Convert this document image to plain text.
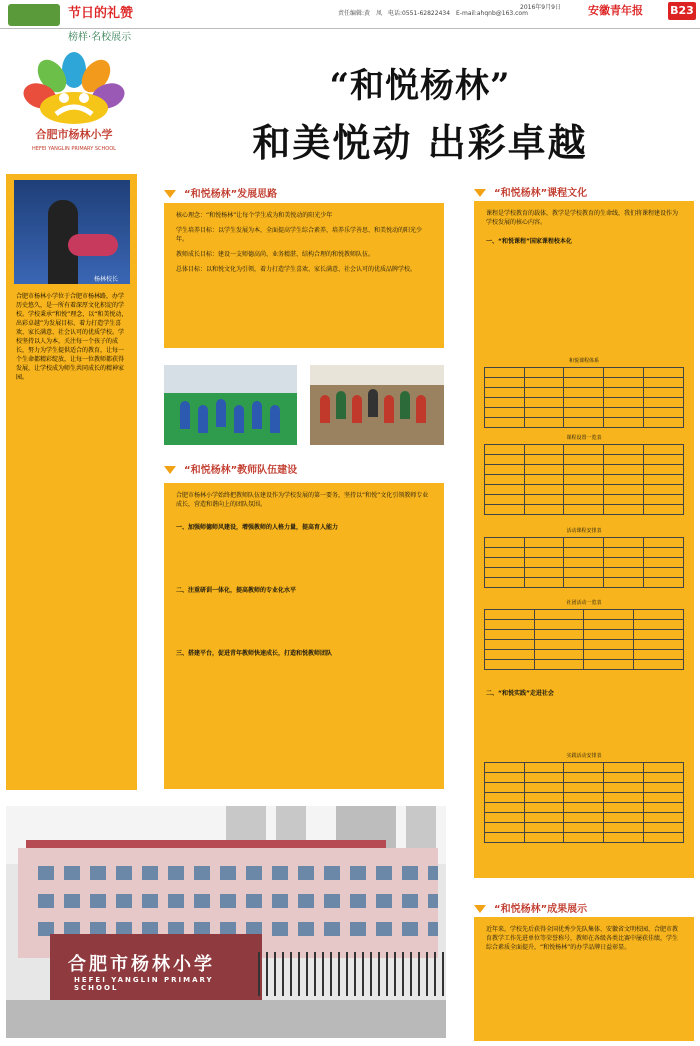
节日的礼赞	责任编辑:黄　凤　电话:0551-62822434　E-mail:ahqnb@163.com
2016年9月9日 安徽青年报 B23
榜样·名校展示
合肥市杨林小学
HEFEI YANGLIN PRIMARY SCHOOL
“和悦杨林”
和美悦动 出彩卓越
杨林校长
合肥市杨林小学位于合肥市杨林路，办学历史悠久，是一所有着深厚文化积淀的学校。学校秉承“和悦”理念，以“和美悦动，出彩卓越”为发展目标，着力打造学生喜欢、家长满意、社会认可的优质学校。学校坚持以人为本，关注每一个孩子的成长，努力为学生提供适合的教育，让每一个生命都精彩绽放，让每一位教师都获得发展，让学校成为师生共同成长的精神家园。
“和悦杨林”发展思路
核心理念：“和悦杨林”让每个学生成为和美悦动的阳光少年
学生培养目标：以学生发展为本，全面提高学生综合素养，培养乐学善思、和美悦动的阳光少年。
教师成长目标：建设一支师德高尚、业务精湛、结构合理的和悦教师队伍。
总体目标：以和悦文化为引领，着力打造学生喜欢、家长满意、社会认可的优质品牌学校。
“和悦杨林”教师队伍建设
合肥市杨林小学始终把教师队伍建设作为学校发展的第一要务，坚持以“和悦”文化引领教师专业成长，营造和谐向上的团队氛围。
一、加强师德师风建设，增强教师的人格力量，提高育人能力
二、注重研训一体化，提高教师的专业化水平
三、搭建平台，促进青年教师快速成长，打造和悦教师团队
合肥市杨林小学
HEFEI YANGLIN PRIMARY SCHOOL
“和悦杨林”课程文化
课程是学校教育的载体，教学是学校教育的生命线，我们将课程建设作为学校发展的核心内容。
一、“和悦课程”国家课程校本化
和悦课程体系				

课程设置一览表				

活动课程安排表				

社团活动一览表			

二、“和悦实践”走进社会
实践活动安排表				

“和悦杨林”成果展示
近年来，学校先后获得全国优秀少先队集体、安徽省文明校园、合肥市教育教学工作先进单位等荣誉称号，教师在各级各类比赛中屡获佳绩，学生综合素质全面提升，“和悦杨林”的办学品牌日益彰显。
